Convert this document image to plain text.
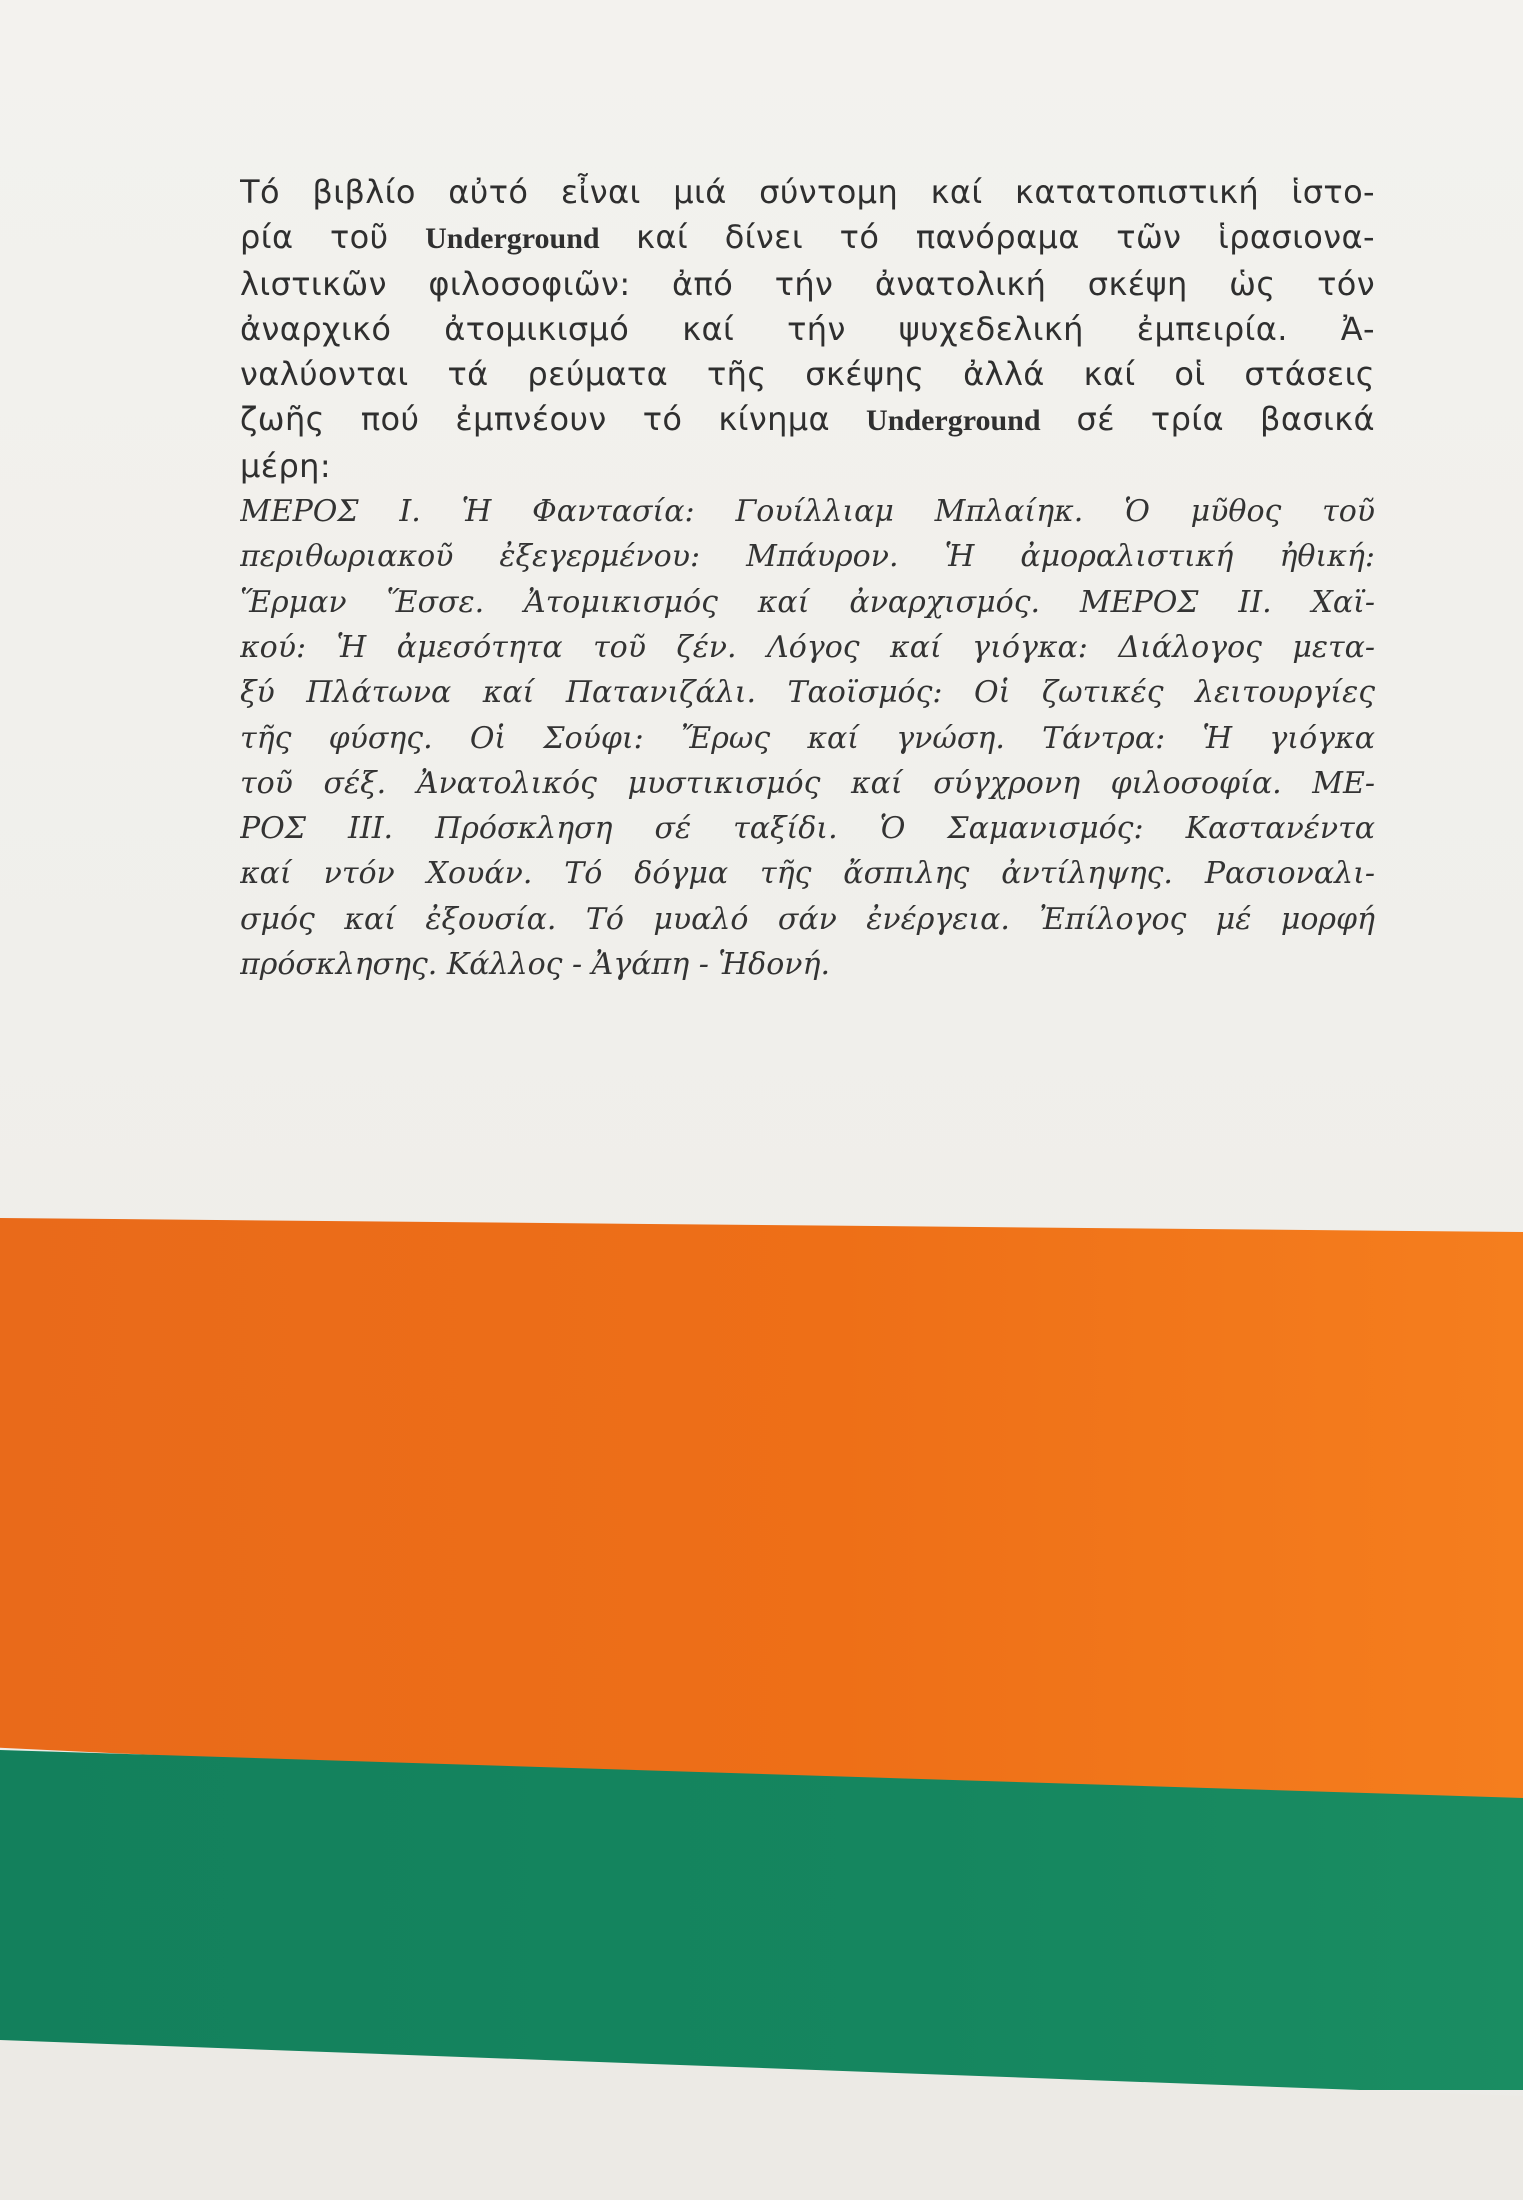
Τό βιβλίο αὐτό εἶναι μιά σύντομη καί κατατοπιστική ἱστο-

ρία τοῦ Underground καί δίνει τό πανόραμα τῶν ἱρασιονα-

λιστικῶν φιλοσοφιῶν: ἀπό τήν ἀνατολική σκέψη ὡς τόν

ἀναρχικό ἀτομικισμό καί τήν ψυχεδελική ἐμπειρία. Ἀ-

ναλύονται τά ρεύματα τῆς σκέψης ἀλλά καί οἱ στάσεις

ζωῆς πού ἐμπνέουν τό κίνημα Underground σέ τρία βασικά

μέρη:

ΜΕΡΟΣ Ι. Ἡ Φαντασία: Γουίλλιαμ Μπλαίηκ. Ὁ μῦθος τοῦ

περιθωριακοῦ ἐξεγερμένου: Μπάυρον. Ἡ ἀμοραλιστική ἠθική:

Ἕρμαν Ἕσσε. Ἀτομικισμός καί ἀναρχισμός. ΜΕΡΟΣ ΙΙ. Χαϊ-

κού: Ἡ ἀμεσότητα τοῦ ζέν. Λόγος καί γιόγκα: Διάλογος μετα-

ξύ Πλάτωνα καί Πατανιζάλι. Ταοϊσμός: Οἱ ζωτικές λειτουργίες

τῆς φύσης. Οἱ Σούφι: Ἔρως καί γνώση. Τάντρα: Ἡ γιόγκα

τοῦ σέξ. Ἀνατολικός μυστικισμός καί σύγχρονη φιλοσοφία. ΜΕ-

ΡΟΣ ΙΙΙ. Πρόσκληση σέ ταξίδι. Ὁ Σαμανισμός: Καστανέντα

καί ντόν Χουάν. Τό δόγμα τῆς ἄσπιλης ἀντίληψης. Ρασιοναλι-

σμός καί ἐξουσία. Τό μυαλό σάν ἐνέργεια. Ἐπίλογος μέ μορφή

πρόσκλησης. Κάλλος - Ἀγάπη - Ἡδονή.
